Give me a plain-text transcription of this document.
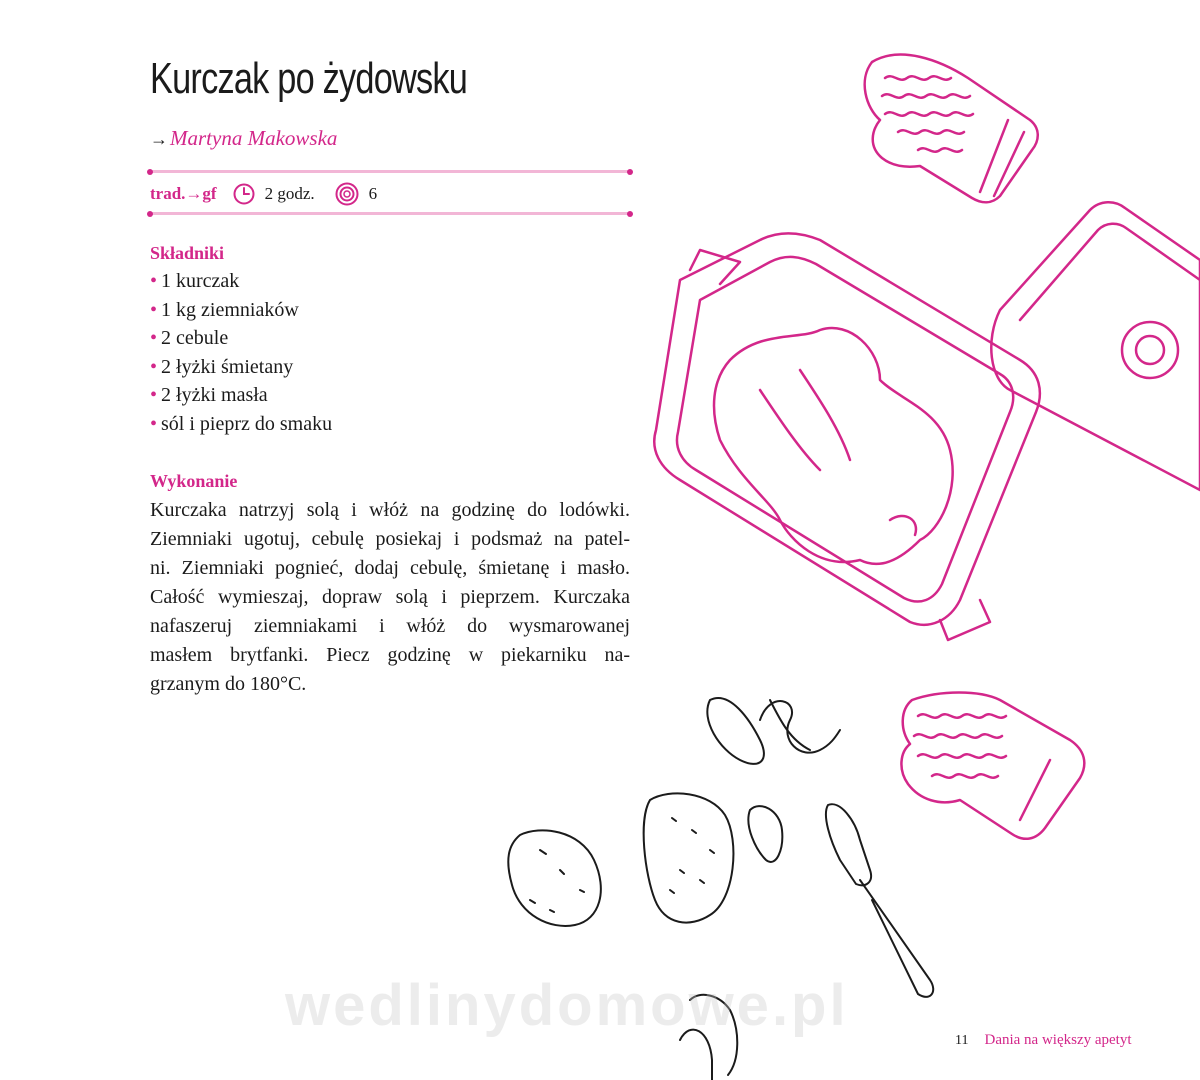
Kurczak po żydowsku
→Martyna Makowska
trad.→gf	2 godz.	6
Składniki
• 1 kurczak
• 1 kg ziemniaków
• 2 cebule
• 2 łyżki śmietany
• 2 łyżki masła
• sól i pieprz do smaku
Wykonanie
Kurczaka natrzyj solą i włóż na godzinę do lodówki.
Ziemniaki ugotuj, cebulę posiekaj i podsmaż na patel-
ni. Ziemniaki pognieć, dodaj cebulę, śmietanę i masło.
Całość wymieszaj, dopraw solą i pieprzem. Kurczaka
nafaszeruj ziemniakami i włóż do wysmarowanej
masłem brytfanki. Piecz godzinę w piekarniku na-
grzanym do 180°C.
wedlinydomowe.pl
11 Dania na większy apetyt
